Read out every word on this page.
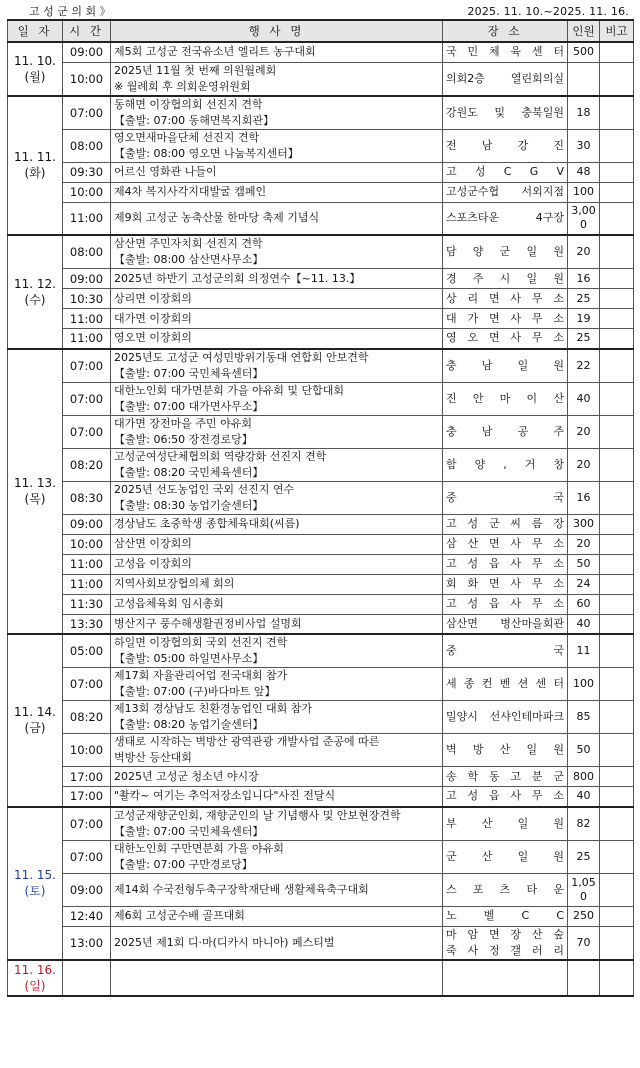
고 성 군 의 회 》	2025. 11. 10.~2025. 11. 16.
일 자	시 간	행 사 명	장 소	인원	비고

11. 10.
(월)	09:00	제5회 고성군 전국유소년 엘리트 농구대회	국 민 체 육 센 터	500	
	10:00	2025년 11월 첫 번째 의원월례회
※ 월례회 후 의회운영위원회	의회2층 열린회의실		

11. 11.
(화)	07:00	동해면 이장협의회 선진지 견학
【출발: 07:00 동해면복지회관】	강원도 및 충북일원	18	
	08:00	영오면새마을단체 선진지 견학
【출발: 08:00 영오면 나눔복지센터】	전 남 강 진	30	
	09:30	어르신 영화관 나들이	고 성 C G V	48	
	10:00	제4차 복지사각지대발굴 캠페인	고성군수협 서외지점	100	
	11:00	제9회 고성군 농축산물 한마당 축제 기념식	스포츠타운 4구장	3,000	

11. 12.
(수)	08:00	삼산면 주민자치회 선진지 견학
【출발: 08:00 삼산면사무소】	담 양 군 일 원	20	
	09:00	2025년 하반기 고성군의회 의정연수【~11. 13.】	경 주 시 일 원	16	
	10:30	상리면 이장회의	상 리 면 사 무 소	25	
	11:00	대가면 이장회의	대 가 면 사 무 소	19	
	11:00	영오면 이장회의	영 오 면 사 무 소	25	

11. 13.
(목)	07:00	2025년도 고성군 여성민방위기동대 연합회 안보견학
【출발: 07:00 국민체육센터】	충 남 일 원	22	
	07:00	대한노인회 대가면분회 가을 야유회 및 단합대회
【출발: 07:00 대가면사무소】	진 안 마 이 산	40	
	07:00	대가면 장전마을 주민 야유회
【출발: 06:50 장전경로당】	충 남 공 주	20	
	08:20	고성군여성단체협의회 역량강화 선진지 견학
【출발: 08:20 국민체육센터】	함 양 , 거 창	20	
	08:30	2025년 선도농업인 국외 선진지 연수
【출발: 08:30 농업기술센터】	중 국	16	
	09:00	경상남도 초중학생 종합체육대회(씨름)	고 성 군 씨 름 장	300	
	10:00	삼산면 이장회의	삼 산 면 사 무 소	20	
	11:00	고성읍 이장회의	고 성 읍 사 무 소	50	
	11:00	지역사회보장협의체 회의	회 화 면 사 무 소	24	
	11:30	고성읍체육회 임시총회	고 성 읍 사 무 소	60	
	13:30	병산지구 풍수해생활권정비사업 설명회	삼산면 병산마을회관	40	

11. 14.
(금)	05:00	하일면 이장협의회 국외 선진지 견학
【출발: 05:00 하일면사무소】	중 국	11	
	07:00	제17회 자율관리어업 전국대회 참가
【출발: 07:00 (구)바다마트 앞】	세 종 컨 벤 션 센 터	100	
	08:20	제13회 경상남도 친환경농업인 대회 참가
【출발: 08:20 농업기술센터】	밀양시 선샤인테마파크	85	
	10:00	생태로 시작하는 벽방산 광역관광 개발사업 준공에 따른
벽방산 등산대회	벽 방 산 일 원	50	
	17:00	2025년 고성군 청소년 야시장	송 학 동 고 분 군	800	
	17:00	"촬칵~ 여기는 추억저장소입니다"사진 전달식	고 성 읍 사 무 소	40	

11. 15.
(토)	07:00	고성군재향군인회, 재향군인의 날 기념행사 및 안보현장견학
【출발: 07:00 국민체육센터】	부 산 일 원	82	
	07:00	대한노인회 구만면분회 가을 야유회
【출발: 07:00 구만경로당】	군 산 일 원	25	
	09:00	제14회 수국전형두축구장학재단배 생활체육축구대회	스 포 츠 타 운	1,050	
	12:40	제6회 고성군수배 골프대회	노 벨 C C	250	
	13:00	2025년 제1회 디·마(디카시 마니아) 페스티벌	마 암 면 장 산 숲
죽 사 정 갤 러 리	70	

11. 16.
(일)					
